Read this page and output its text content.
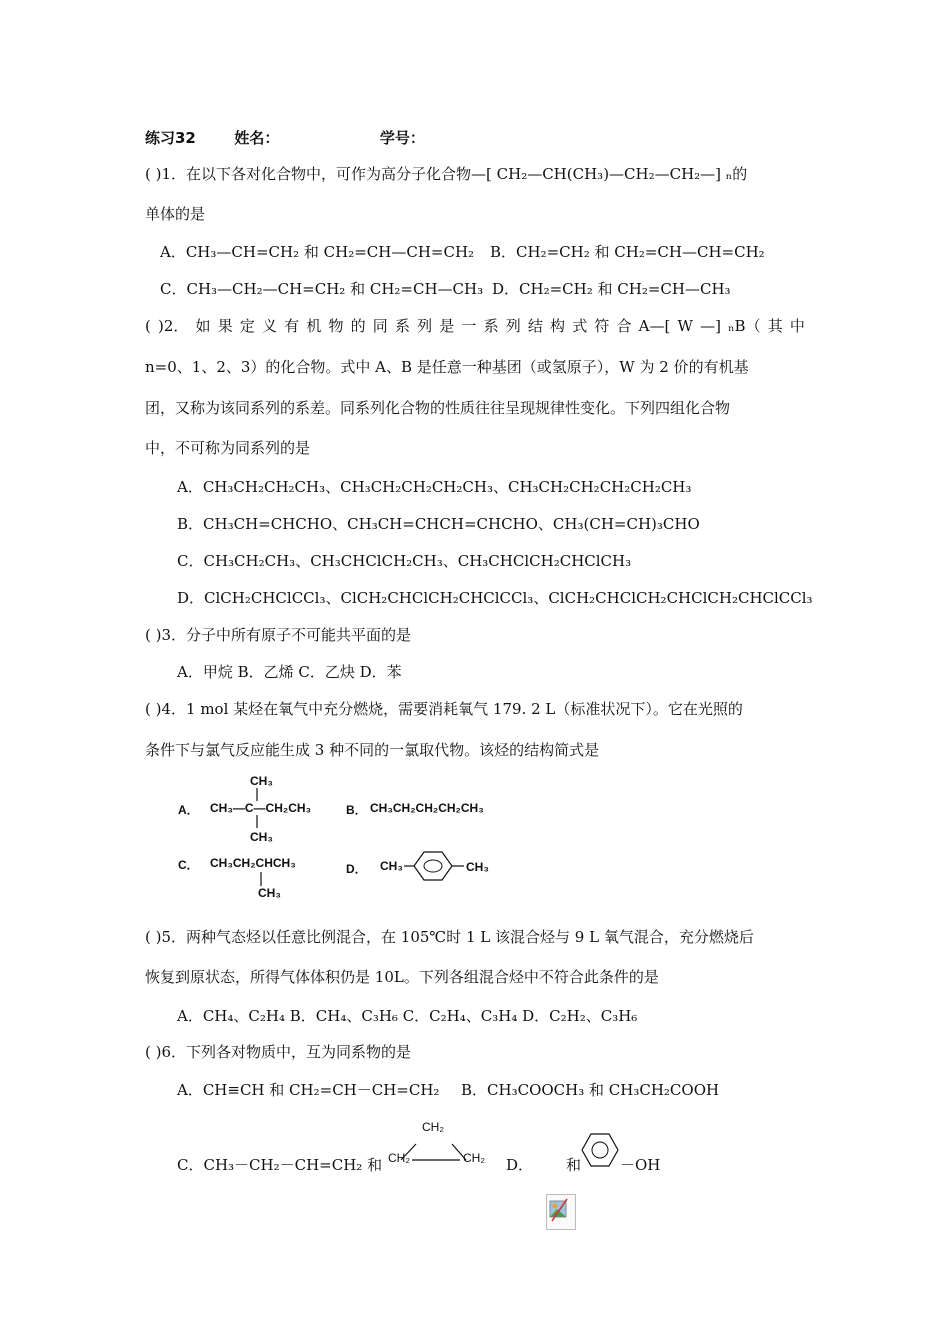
练习32	姓名：	学号：
( )1．在以下各对化合物中，可作为高分子化合物—[ CH₂—CH(CH₃)—CH₂—CH₂—] ₙ的
单体的是
A．CH₃—CH=CH₂ 和 CH₂=CH—CH=CH₂ B．CH₂=CH₂ 和 CH₂=CH—CH=CH₂
C．CH₃—CH₂—CH=CH₂ 和 CH₂=CH—CH₃ D．CH₂=CH₂ 和 CH₂=CH—CH₃
( )2． 如 果 定 义 有 机 物 的 同 系 列 是 一 系 列 结 构 式 符 合 A—[ W —] ₙB（ 其 中
n=0、1、2、3）的化合物。式中 A、B 是任意一种基团（或氢原子），W 为 2 价的有机基
团，又称为该同系列的系差。同系列化合物的性质往往呈现规律性变化。下列四组化合物
中，不可称为同系列的是
A．CH₃CH₂CH₂CH₃、CH₃CH₂CH₂CH₂CH₃、CH₃CH₂CH₂CH₂CH₂CH₃
B．CH₃CH=CHCHO、CH₃CH=CHCH=CHCHO、CH₃(CH=CH)₃CHO
C．CH₃CH₂CH₃、CH₃CHClCH₂CH₃、CH₃CHClCH₂CHClCH₃
D．ClCH₂CHClCCl₃、ClCH₂CHClCH₂CHClCCl₃、ClCH₂CHClCH₂CHClCH₂CHClCCl₃
( )3．分子中所有原子不可能共平面的是
A．甲烷 B．乙烯 C．乙炔 D．苯
( )4．1 mol 某烃在氧气中充分燃烧，需要消耗氧气 179. 2 L（标准状况下）。它在光照的
条件下与氯气反应能生成 3 种不同的一氯取代物。该烃的结构简式是
A．
CH₃
CH₃—C—CH₂CH₃
CH₃
B． CH₃CH₂CH₂CH₂CH₃
C． CH₃CH₂CHCH₃
CH₃
D． CH₃	CH₃
( )5．两种气态烃以任意比例混合，在 105℃时 1 L 该混合烃与 9 L 氧气混合，充分燃烧后
恢复到原状态，所得气体体积仍是 10L。下列各组混合烃中不符合此条件的是
A．CH₄、C₂H₄ B．CH₄、C₃H₆ C．C₂H₄、C₃H₄ D．C₂H₂、C₃H₆
( )6．下列各对物质中，互为同系物的是
A．CH≡CH 和 CH₂=CH－CH=CH₂ B．CH₃COOCH₃ 和 CH₃CH₂COOH
C．CH₃－CH₂－CH=CH₂ 和
CH₂
CH₂	CH₂ D． 和	－OH
